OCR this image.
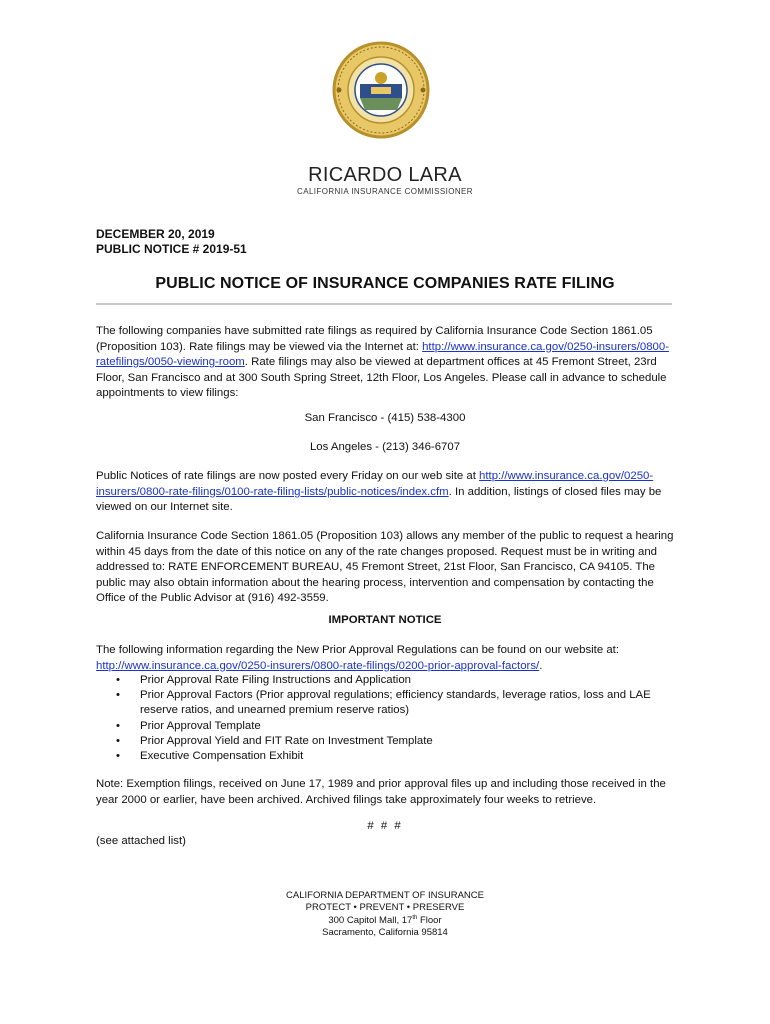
RICARDO LARA
CALIFORNIA INSURANCE COMMISSIONER
DECEMBER 20, 2019
PUBLIC NOTICE # 2019-51
PUBLIC NOTICE OF INSURANCE COMPANIES RATE FILING
The following companies have submitted rate filings as required by California Insurance Code Section 1861.05 (Proposition 103). Rate filings may be viewed via the Internet at: http://www.insurance.ca.gov/0250-insurers/0800-ratefilings/0050-viewing-room. Rate filings may also be viewed at department offices at 45 Fremont Street, 23rd Floor, San Francisco and at 300 South Spring Street, 12th Floor, Los Angeles. Please call in advance to schedule appointments to view filings:
San Francisco - (415) 538-4300
Los Angeles - (213) 346-6707
Public Notices of rate filings are now posted every Friday on our web site at http://www.insurance.ca.gov/0250-insurers/0800-rate-filings/0100-rate-filing-lists/public-notices/index.cfm. In addition, listings of closed files may be viewed on our Internet site.
California Insurance Code Section 1861.05 (Proposition 103) allows any member of the public to request a hearing within 45 days from the date of this notice on any of the rate changes proposed. Request must be in writing and addressed to: RATE ENFORCEMENT BUREAU, 45 Fremont Street, 21st Floor, San Francisco, CA 94105. The public may also obtain information about the hearing process, intervention and compensation by contacting the Office of the Public Advisor at (916) 492-3559.
IMPORTANT NOTICE
The following information regarding the New Prior Approval Regulations can be found on our website at: http://www.insurance.ca.gov/0250-insurers/0800-rate-filings/0200-prior-approval-factors/.
• Prior Approval Rate Filing Instructions and Application
• Prior Approval Factors (Prior approval regulations; efficiency standards, leverage ratios, loss and LAE reserve ratios, and unearned premium reserve ratios)
• Prior Approval Template
• Prior Approval Yield and FIT Rate on Investment Template
• Executive Compensation Exhibit
Note: Exemption filings, received on June 17, 1989 and prior approval files up and including those received in the year 2000 or earlier, have been archived. Archived filings take approximately four weeks to retrieve.
# # #
(see attached list)
CALIFORNIA DEPARTMENT OF INSURANCE
PROTECT • PREVENT • PRESERVE
300 Capitol Mall, 17th Floor
Sacramento, California 95814
